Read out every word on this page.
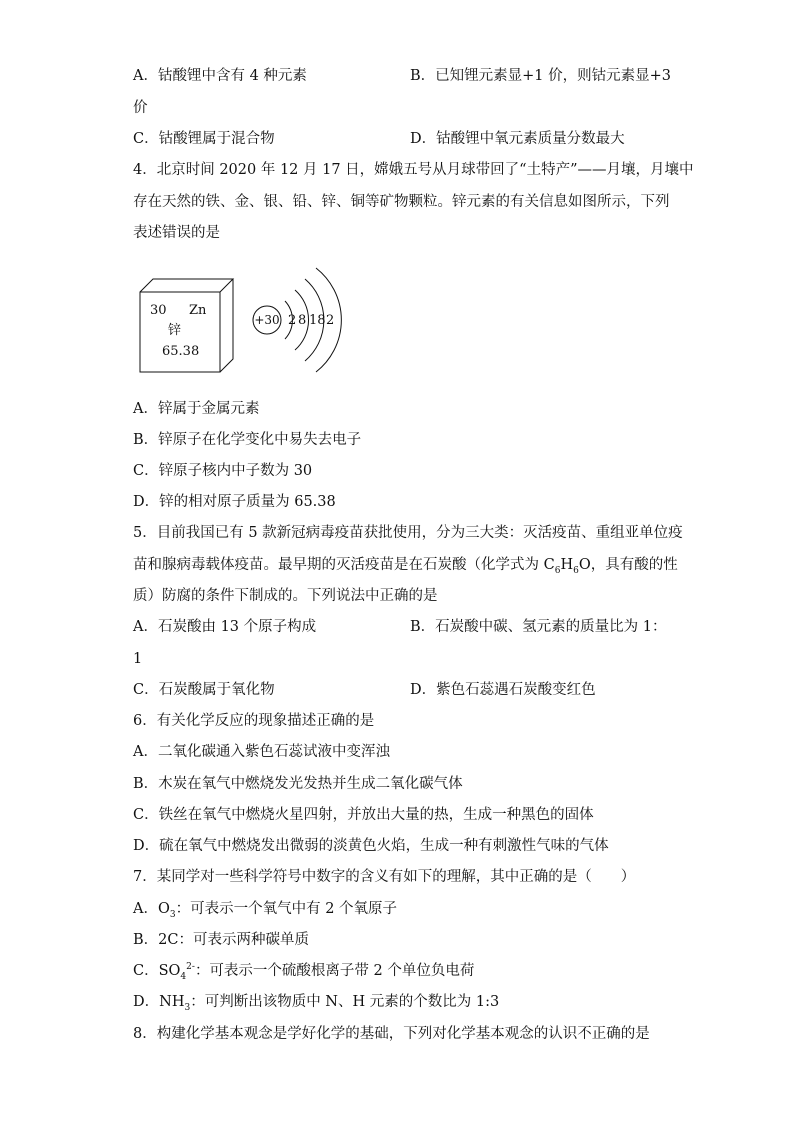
A．钴酸锂中含有 4 种元素	B．已知锂元素显+1 价，则钴元素显+3
价
C．钴酸锂属于混合物	D．钴酸锂中氧元素质量分数最大
4．北京时间 2020 年 12 月 17 日，嫦娥五号从月球带回了“土特产”——月壤，月壤中
存在天然的铁、金、银、铅、锌、铜等矿物颗粒。锌元素的有关信息如图所示，下列
表述错误的是
30 Zn
锌
65.38
+30 2 8 18 2
A．锌属于金属元素
B．锌原子在化学变化中易失去电子
C．锌原子核内中子数为 30
D．锌的相对原子质量为 65.38
5．目前我国已有 5 款新冠病毒疫苗获批使用，分为三大类：灭活疫苗、重组亚单位疫
苗和腺病毒载体疫苗。最早期的灭活疫苗是在石炭酸（化学式为 $C_6H_6O$，具有酸的性
质）防腐的条件下制成的。下列说法中正确的是
A．石炭酸由 13 个原子构成	B．石炭酸中碳、氢元素的质量比为 1：
1
C．石炭酸属于氧化物	D．紫色石蕊遇石炭酸变红色
6．有关化学反应的现象描述正确的是
A．二氧化碳通入紫色石蕊试液中变浑浊
B．木炭在氧气中燃烧发光发热并生成二氧化碳气体
C．铁丝在氧气中燃烧火星四射，并放出大量的热，生成一种黑色的固体
D．硫在氧气中燃烧发出微弱的淡黄色火焰，生成一种有刺激性气味的气体
7．某同学对一些科学符号中数字的含义有如下的理解，其中正确的是（　　）
A．$O_3$：可表示一个氧气中有 2 个氧原子
B．2C：可表示两种碳单质
C．$SO_4^{2-}$：可表示一个硫酸根离子带 2 个单位负电荷
D．$NH_3$：可判断出该物质中 N、H 元素的个数比为 1:3
8．构建化学基本观念是学好化学的基础，下列对化学基本观念的认识不正确的是
